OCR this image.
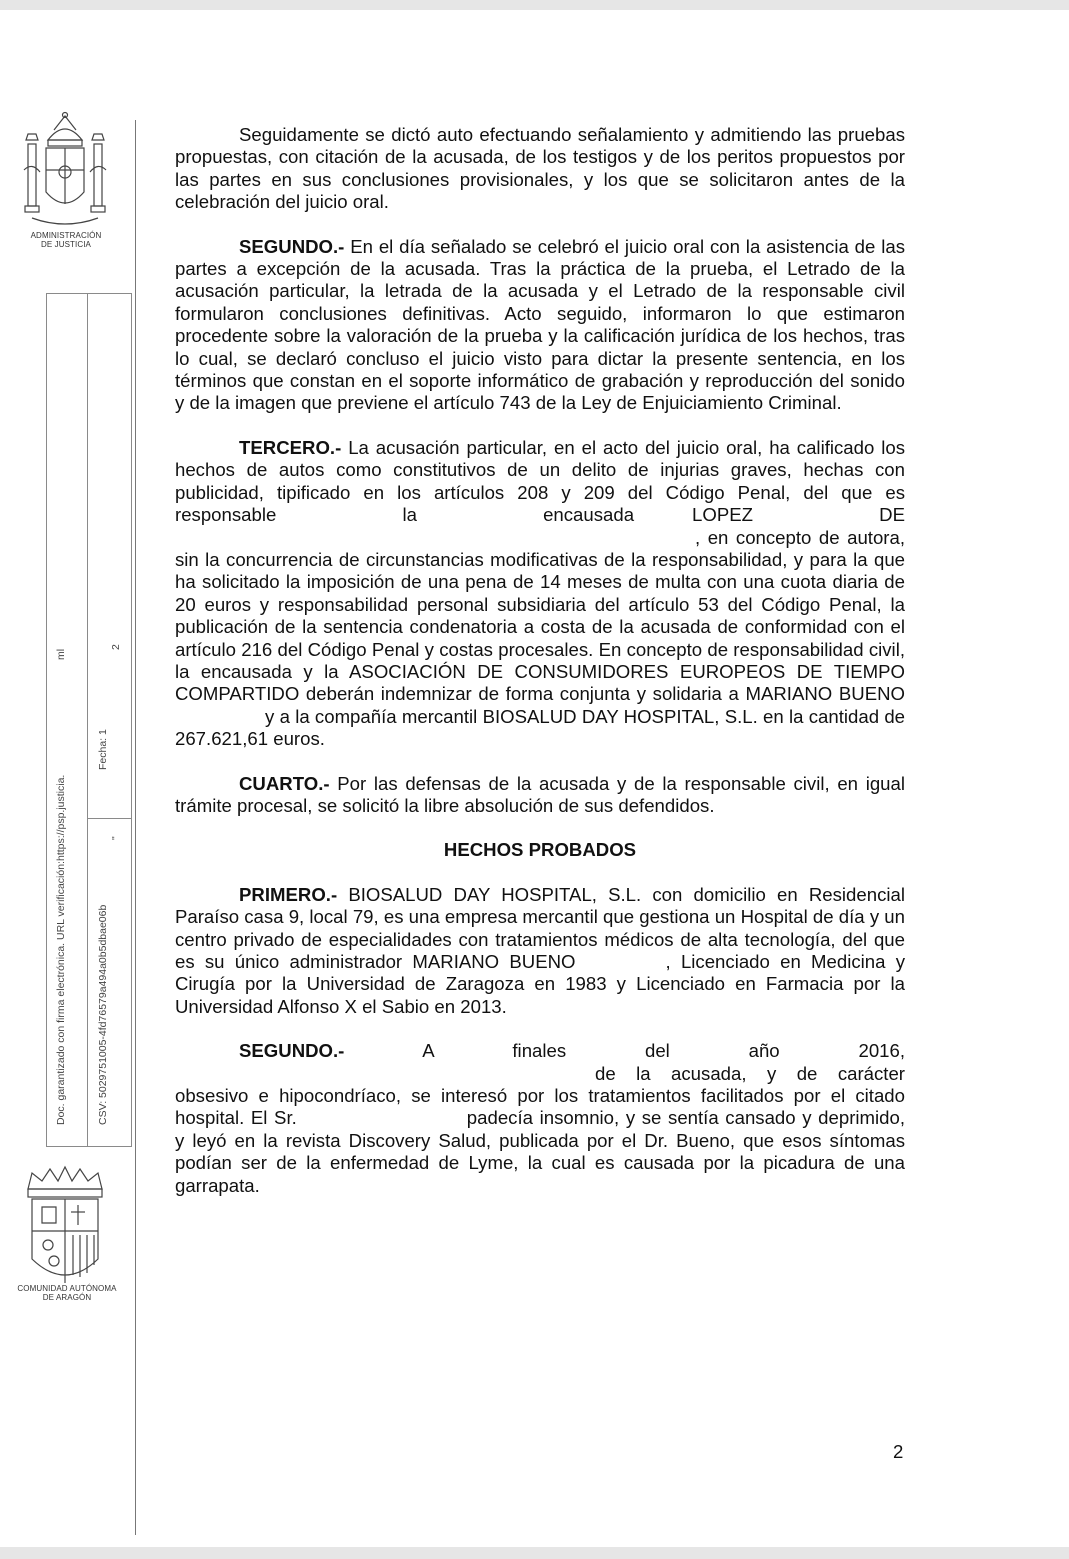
ADMINISTRACIÓN
DE JUSTICIA
Doc. garantizado con firma electrónica. URL verificación:https://psp.justicia.
ml
CSV: 5029751005-4fd76579a494a0b5dbae06b
Fecha: 1
"
2
COMUNIDAD AUTÓNOMA
DE ARAGÓN

Seguidamente se dictó auto efectuando señalamiento y admitiendo las pruebas propuestas, con citación de la acusada, de los testigos y de los peritos propuestos por las partes en sus conclusiones provisionales, y los que se solicitaron antes de la celebración del juicio oral.

SEGUNDO.- En el día señalado se celebró el juicio oral con la asistencia de las partes a excepción de la acusada. Tras la práctica de la prueba, el Letrado de la acusación particular, la letrada de la acusada y el Letrado de la responsable civil formularon conclusiones definitivas. Acto seguido, informaron lo que estimaron procedente sobre la valoración de la prueba y la calificación jurídica de los hechos, tras lo cual, se declaró concluso el juicio visto para dictar la presente sentencia, en los términos que constan en el soporte informático de grabación y reproducción del sonido y de la imagen que previene el artículo 743 de la Ley de Enjuiciamiento Criminal.

TERCERO.- La acusación particular, en el acto del juicio oral, ha calificado los hechos de autos como constitutivos de un delito de injurias graves, hechas con publicidad, tipificado en los artículos 208 y 209 del Código Penal, del que es responsable la encausada	LOPEZ DE, en concepto de autora, sin la concurrencia de circunstancias modificativas de la responsabilidad, y para la que ha solicitado la imposición de una pena de 14 meses de multa con una cuota diaria de 20 euros y responsabilidad personal subsidiaria del artículo 53 del Código Penal, la publicación de la sentencia condenatoria a costa de la acusada de conformidad con el artículo 216 del Código Penal y costas procesales. En concepto de responsabilidad civil, la encausada y la ASOCIACIÓN DE CONSUMIDORES EUROPEOS DE TIEMPO COMPARTIDO deberán indemnizar de forma conjunta y solidaria a MARIANO BUENOy a la compañía mercantil BIOSALUD DAY HOSPITAL, S.L. en la cantidad de 267.621,61 euros.

CUARTO.- Por las defensas de la acusada y de la responsable civil, en igual trámite procesal, se solicitó la libre absolución de sus defendidos.

HECHOS PROBADOS

PRIMERO.- BIOSALUD DAY HOSPITAL, S.L. con domicilio en Residencial Paraíso casa 9, local 79, es una empresa mercantil que gestiona un Hospital de día y un centro privado de especialidades con tratamientos médicos de alta tecnología, del que es su único administrador MARIANO BUENO	, Licenciado en Medicina y Cirugía por la Universidad de Zaragoza en 1983 y Licenciado en Farmacia por la Universidad Alfonso X el Sabio en 2013.

SEGUNDO.-	A finales del año 2016,de la acusada, y de carácter obsesivo e hipocondríaco, se interesó por los tratamientos facilitados por el citado hospital. El Sr.	padecía insomnio, y se sentía cansado y deprimido, y leyó en la revista Discovery Salud, publicada por el Dr. Bueno, que esos síntomas podían ser de la enfermedad de Lyme, la cual es causada por la picadura de una garrapata.

2
